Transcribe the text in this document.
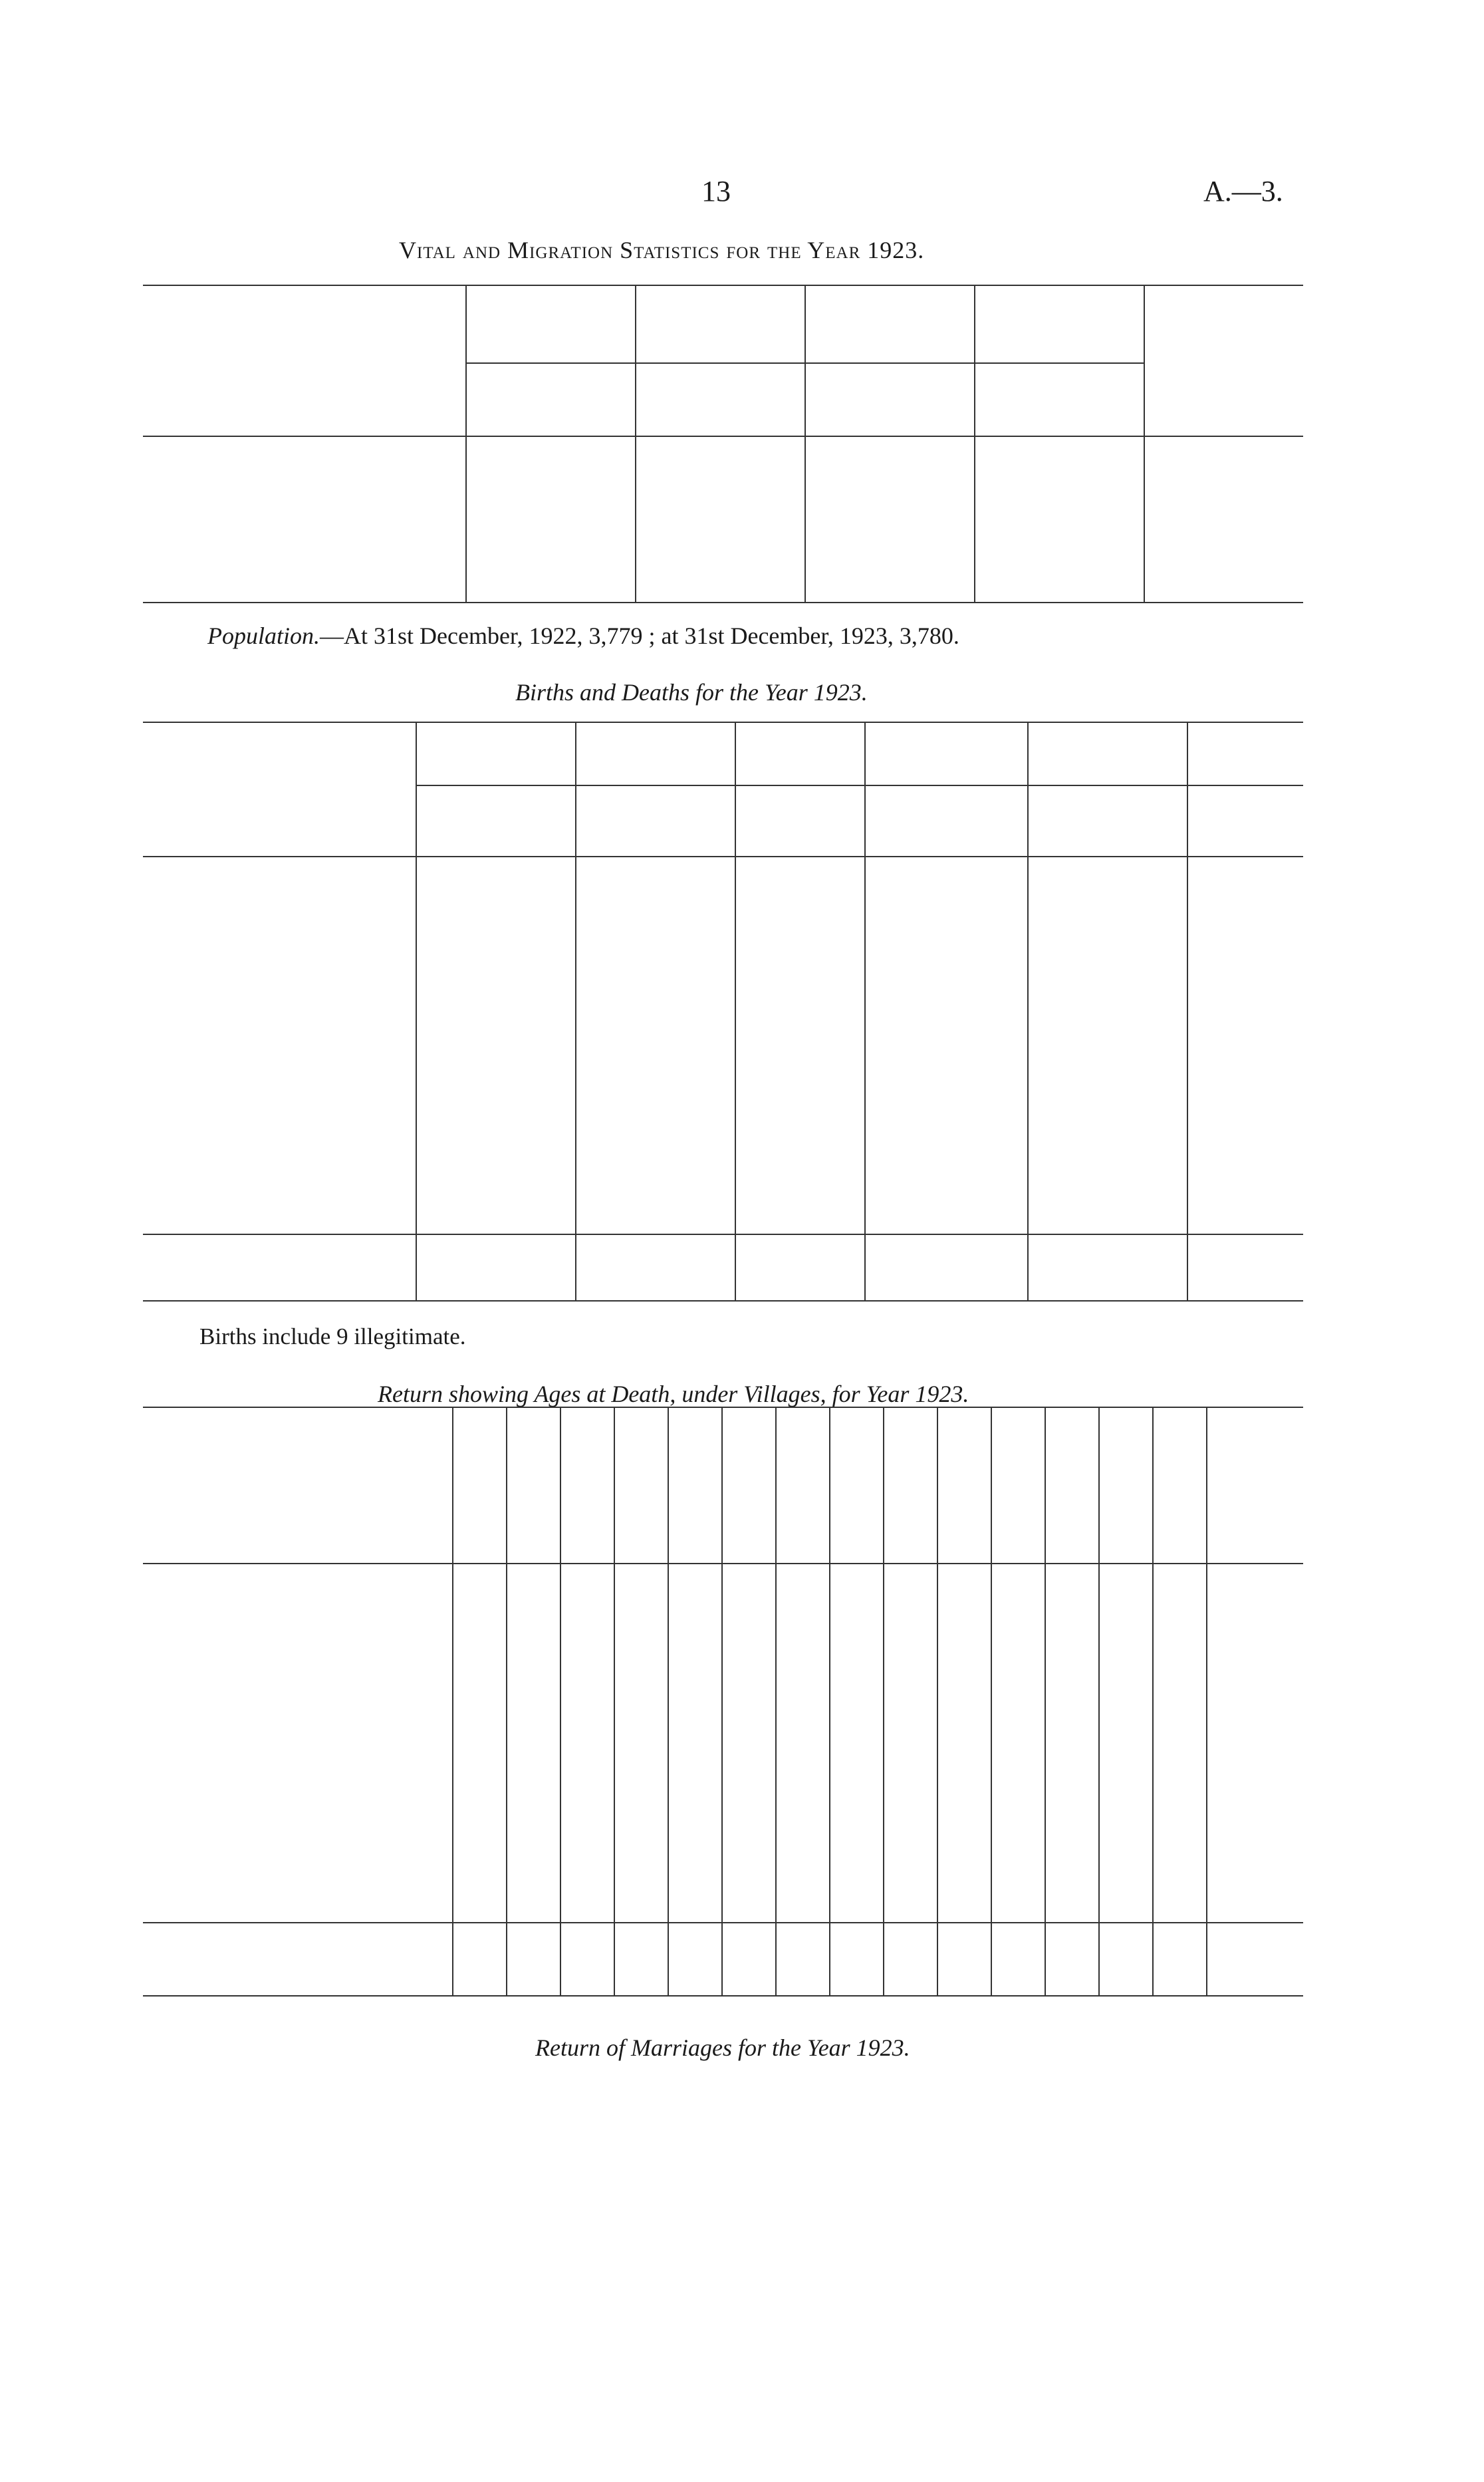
13	A.—3.
Vital and Migration Statistics for the Year 1923.
Population.—At 31st December, 1922, 3,779 ; at 31st December, 1923, 3,780.
Births and Deaths for the Year 1923.
Births include 9 illegitimate.
Return showing Ages at Death, under Villages, for Year 1923.
Return of Marriages for the Year 1923.
